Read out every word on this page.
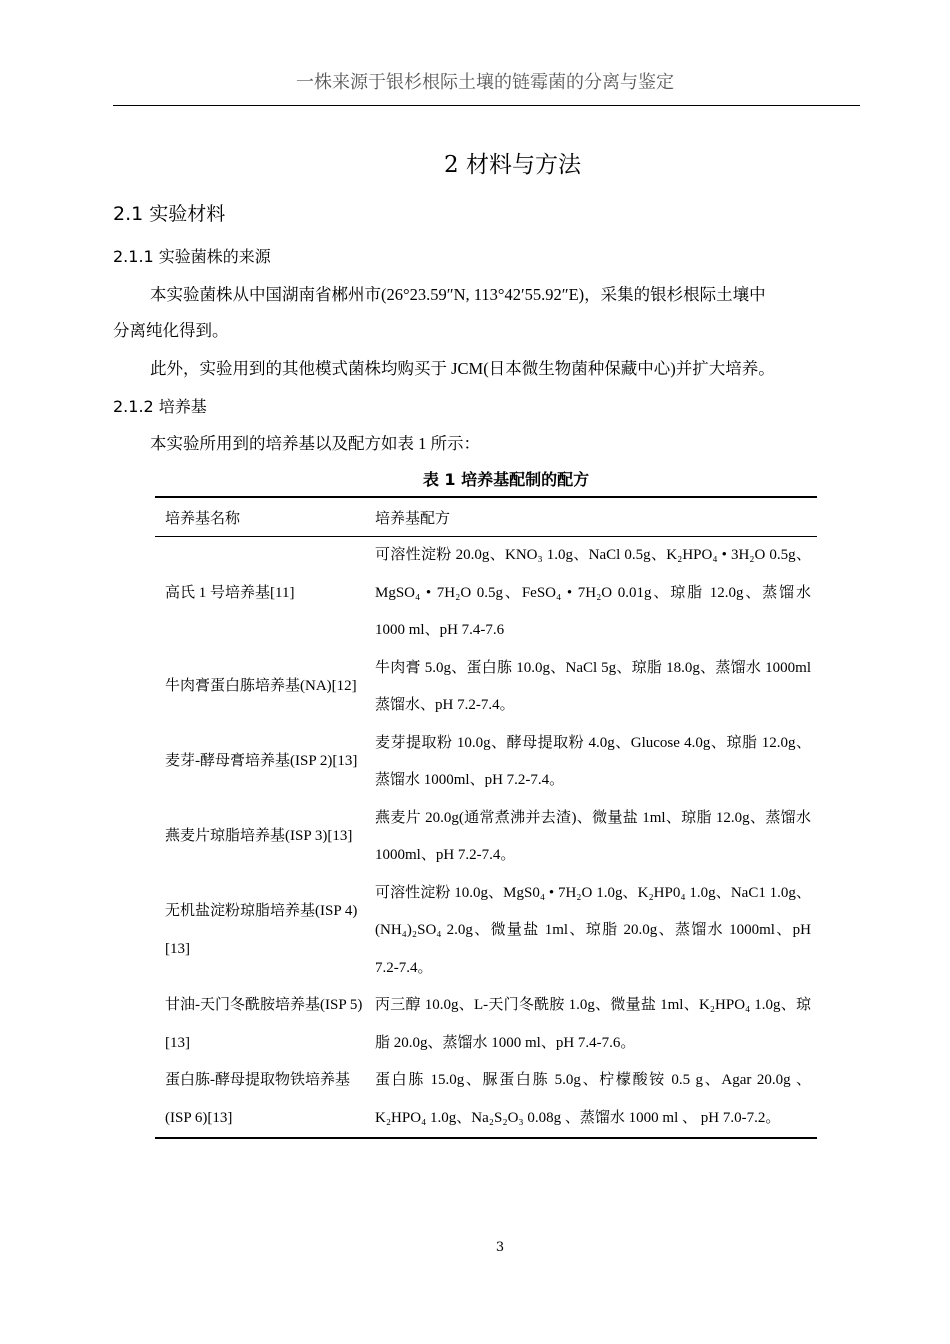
一株来源于银杉根际土壤的链霉菌的分离与鉴定
2 材料与方法
2.1 实验材料
2.1.1 实验菌株的来源
本实验菌株从中国湖南省郴州市(26°23.59″N, 113°42′55.92″E)，采集的银杉根际土壤中
分离纯化得到。
此外，实验用到的其他模式菌株均购买于 JCM(日本微生物菌种保藏中心)并扩大培养。
2.1.2 培养基
本实验所用到的培养基以及配方如表 1 所示：
表 1 培养基配制的配方
培养基名称	培养基配方
高氏 1 号培养基[11]
可溶性淀粉 20.0g、KNO₃ 1.0g、NaCl 0.5g、K₂HPO₄ • 3H₂O 0.5g、MgSO₄ • 7H₂O 0.5g、FeSO₄ • 7H₂O 0.01g、琼脂 12.0g、蒸馏水 1000 ml、pH 7.4-7.6
牛肉膏蛋白胨培养基(NA)[12]
牛肉膏 5.0g、蛋白胨 10.0g、NaCl 5g、琼脂 18.0g、蒸馏水 1000ml 蒸馏水、pH 7.2-7.4。
麦芽-酵母膏培养基(ISP 2)[13]
麦芽提取粉 10.0g、酵母提取粉 4.0g、Glucose 4.0g、琼脂 12.0g、蒸馏水 1000ml、pH 7.2-7.4。
燕麦片琼脂培养基(ISP 3)[13]
燕麦片 20.0g(通常煮沸并去渣)、微量盐 1ml、琼脂 12.0g、蒸馏水 1000ml、pH 7.2-7.4。
无机盐淀粉琼脂培养基(ISP 4)[13]
可溶性淀粉 10.0g、MgS0₄ • 7H₂O 1.0g、K₂HP0₄ 1.0g、NaC1 1.0g、(NH₄)₂SO₄ 2.0g、微量盐 1ml、琼脂 20.0g、蒸馏水 1000ml、pH 7.2-7.4。
甘油-天门冬酰胺培养基(ISP 5)[13]
丙三醇 10.0g、L-天门冬酰胺 1.0g、微量盐 1ml、K₂HPO₄ 1.0g、琼脂 20.0g、蒸馏水 1000 ml、pH 7.4-7.6。
蛋白胨-酵母提取物铁培养基(ISP 6)[13]
蛋白胨 15.0g、脲蛋白胨 5.0g、柠檬酸铵 0.5 g、Agar 20.0g 、K₂HPO₄ 1.0g、Na₂S₂O₃ 0.08g 、蒸馏水 1000 ml 、 pH 7.0-7.2。
3
